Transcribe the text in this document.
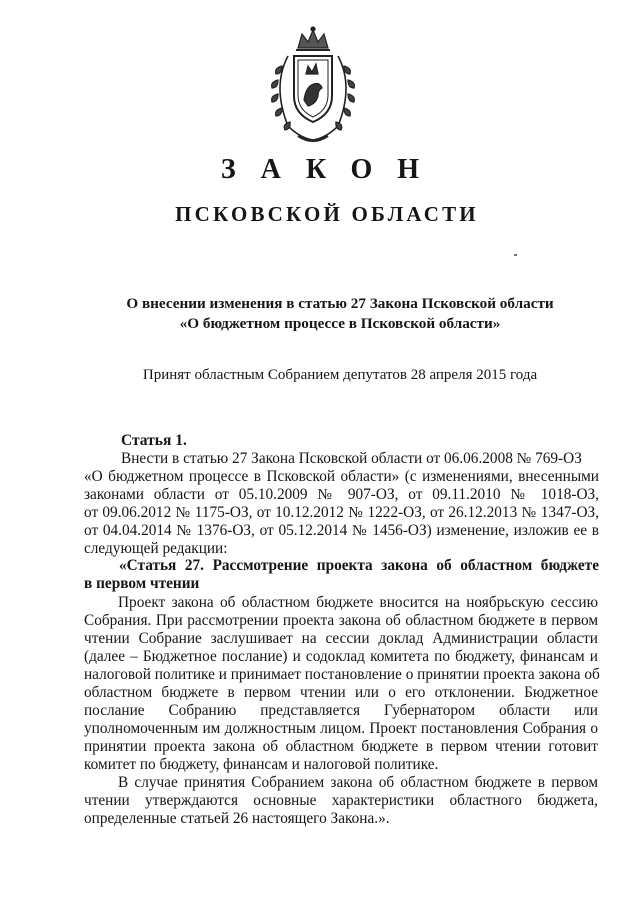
ЗАКОН
ПСКОВСКОЙ ОБЛАСТИ
О внесении изменения в статью 27 Закона Псковской области
«О бюджетном процессе в Псковской области»
Принят областным Собранием депутатов 28 апреля 2015 года
Статья 1.
Внести в статью 27 Закона Псковской области от 06.06.2008 № 769-ОЗ
«О бюджетном процессе в Псковской области» (с изменениями, внесенными
законами области от 05.10.2009 № 907-ОЗ, от 09.11.2010 № 1018-ОЗ,
от 09.06.2012 № 1175-ОЗ, от 10.12.2012 № 1222-ОЗ, от 26.12.2013 № 1347-ОЗ,
от 04.04.2014 № 1376-ОЗ, от 05.12.2014 № 1456-ОЗ) изменение, изложив ее в
следующей редакции:
«Статья 27. Рассмотрение проекта закона об областном бюджете
в первом чтении
Проект закона об областном бюджете вносится на ноябрьскую сессию
Собрания. При рассмотрении проекта закона об областном бюджете в первом
чтении Собрание заслушивает на сессии доклад Администрации области
(далее – Бюджетное послание) и содоклад комитета по бюджету, финансам и
налоговой политике и принимает постановление о принятии проекта закона об
областном бюджете в первом чтении или о его отклонении. Бюджетное
послание Собранию представляется Губернатором области или
уполномоченным им должностным лицом. Проект постановления Собрания о
принятии проекта закона об областном бюджете в первом чтении готовит
комитет по бюджету, финансам и налоговой политике.
В случае принятия Собранием закона об областном бюджете в первом
чтении утверждаются основные характеристики областного бюджета,
определенные статьей 26 настоящего Закона.».
